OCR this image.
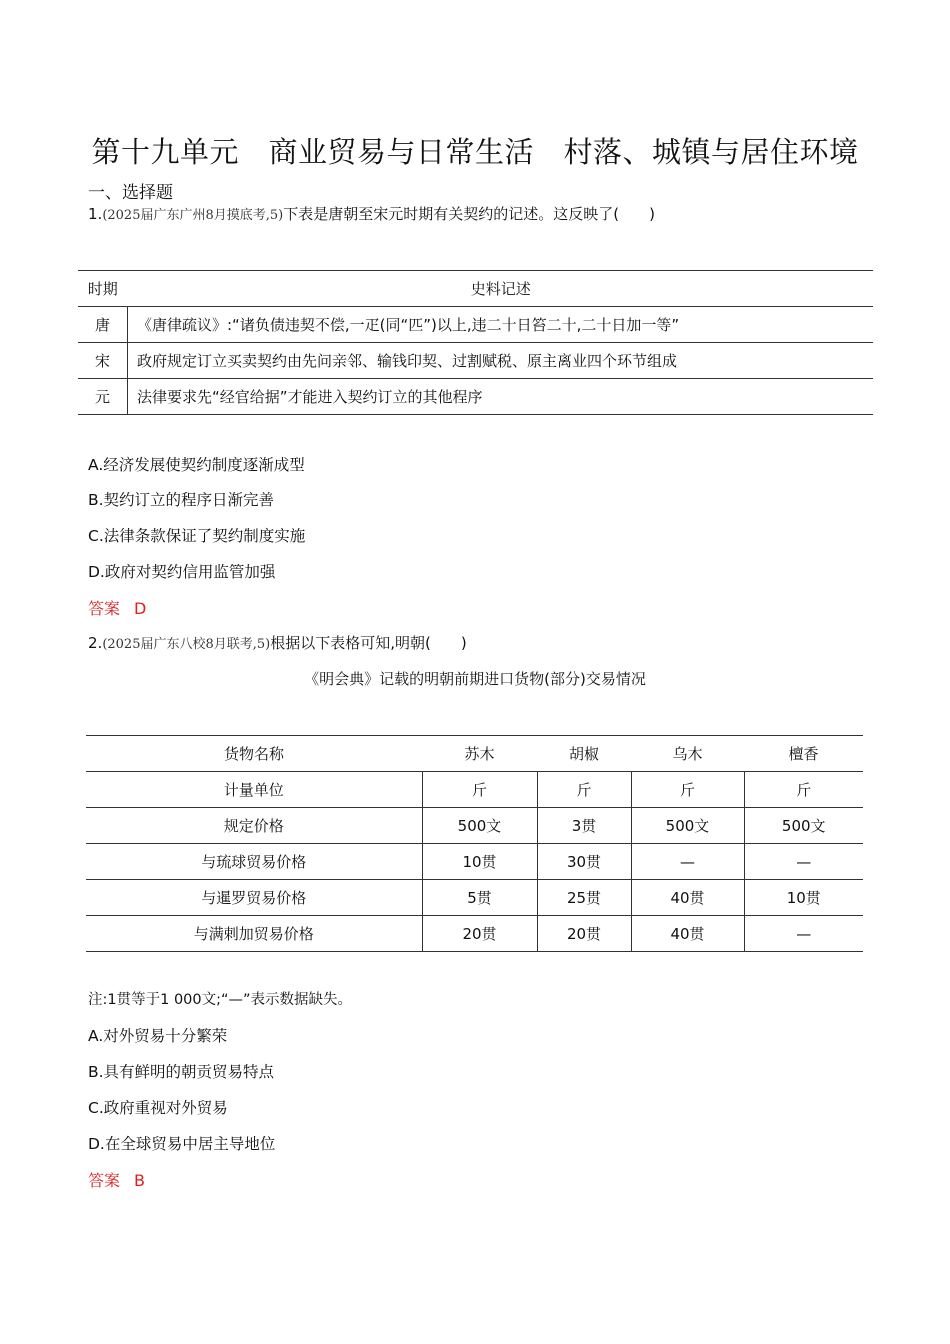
第十九单元　商业贸易与日常生活　村落、城镇与居住环境
一、选择题
1.(2025届广东广州8月摸底考,5)下表是唐朝至宋元时期有关契约的记述。这反映了(　　)
时期	史料记述
唐	《唐律疏议》:“诸负债违契不偿,一疋(同“匹”)以上,违二十日笞二十,二十日加一等”
宋	政府规定订立买卖契约由先问亲邻、输钱印契、过割赋税、原主离业四个环节组成
元	法律要求先“经官给据”才能进入契约订立的其他程序
A.经济发展使契约制度逐渐成型
B.契约订立的程序日渐完善
C.法律条款保证了契约制度实施
D.政府对契约信用监管加强
答案 D
2.(2025届广东八校8月联考,5)根据以下表格可知,明朝(　　)
《明会典》记载的明朝前期进口货物(部分)交易情况
货物名称	苏木	胡椒	乌木	檀香
计量单位	斤	斤	斤	斤
规定价格	500文	3贯	500文	500文
与琉球贸易价格	10贯	30贯	—	—
与暹罗贸易价格	5贯	25贯	40贯	10贯
与满剌加贸易价格	20贯	20贯	40贯	—
注:1贯等于1 000文;“—”表示数据缺失。
A.对外贸易十分繁荣
B.具有鲜明的朝贡贸易特点
C.政府重视对外贸易
D.在全球贸易中居主导地位
答案 B
